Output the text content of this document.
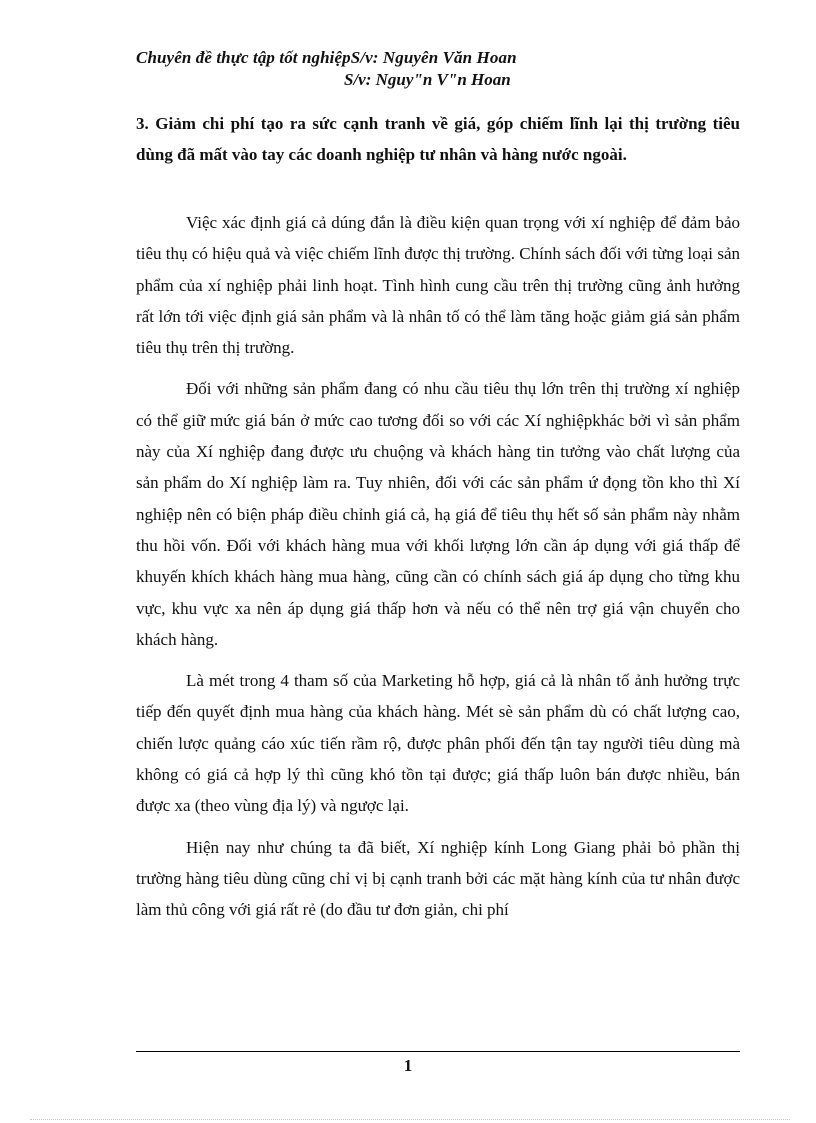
Chuyên đề thực tập tốt nghiệpS/v: Nguyên Văn Hoan
S/v: Nguy"n V"n Hoan
3. Giảm chi phí tạo ra sức cạnh tranh về giá, góp chiếm lĩnh lại thị trường tiêu dùng đã mất vào tay các doanh nghiệp tư nhân và hàng nước ngoài.

Việc xác định giá cả dúng đắn là điều kiện quan trọng với xí nghiệp để đảm bảo tiêu thụ có hiệu quả và việc chiếm lĩnh được thị trường. Chính sách đối với từng loại sản phẩm của xí nghiệp phải linh hoạt. Tình hình cung cầu trên thị trường cũng ảnh hưởng rất lớn tới việc định giá sản phẩm và là nhân tố có thể làm tăng hoặc giảm giá sản phẩm tiêu thụ trên thị trường.

Đối với những sản phẩm đang có nhu cầu tiêu thụ lớn trên thị trường xí nghiệp có thể giữ mức giá bán ở mức cao tương đối so với các Xí nghiệpkhác bởi vì sản phẩm này của Xí nghiệp đang được ưu chuộng và khách hàng tin tưởng vào chất lượng của sản phẩm do Xí nghiệp làm ra. Tuy nhiên, đối với các sản phẩm ứ đọng tồn kho thì Xí nghiệp nên có biện pháp điều chỉnh giá cả, hạ giá để tiêu thụ hết số sản phẩm này nhằm thu hồi vốn. Đối với khách hàng mua với khối lượng lớn cần áp dụng với giá thấp để khuyến khích khách hàng mua hàng, cũng cần có chính sách giá áp dụng cho từng khu vực, khu vực xa nên áp dụng giá thấp hơn và nếu có thể nên trợ giá vận chuyển cho khách hàng.

Là mét trong 4 tham số của Marketing hỗ hợp, giá cả là nhân tố ảnh hưởng trực tiếp đến quyết định mua hàng của khách hàng. Mét sè sản phẩm dù có chất lượng cao, chiến lược quảng cáo xúc tiến rầm rộ, được phân phối đến tận tay người tiêu dùng mà không có giá cả hợp lý thì cũng khó tồn tại được; giá thấp luôn bán được nhiều, bán được xa (theo vùng địa lý) và ngược lại.

Hiện nay như chúng ta đã biết, Xí nghiệp kính Long Giang phải bỏ phần thị trường hàng tiêu dùng cũng chỉ vị bị cạnh tranh bởi các mặt hàng kính của tư nhân được làm thủ công với giá rất rẻ (do đầu tư đơn giản, chi phí

1
